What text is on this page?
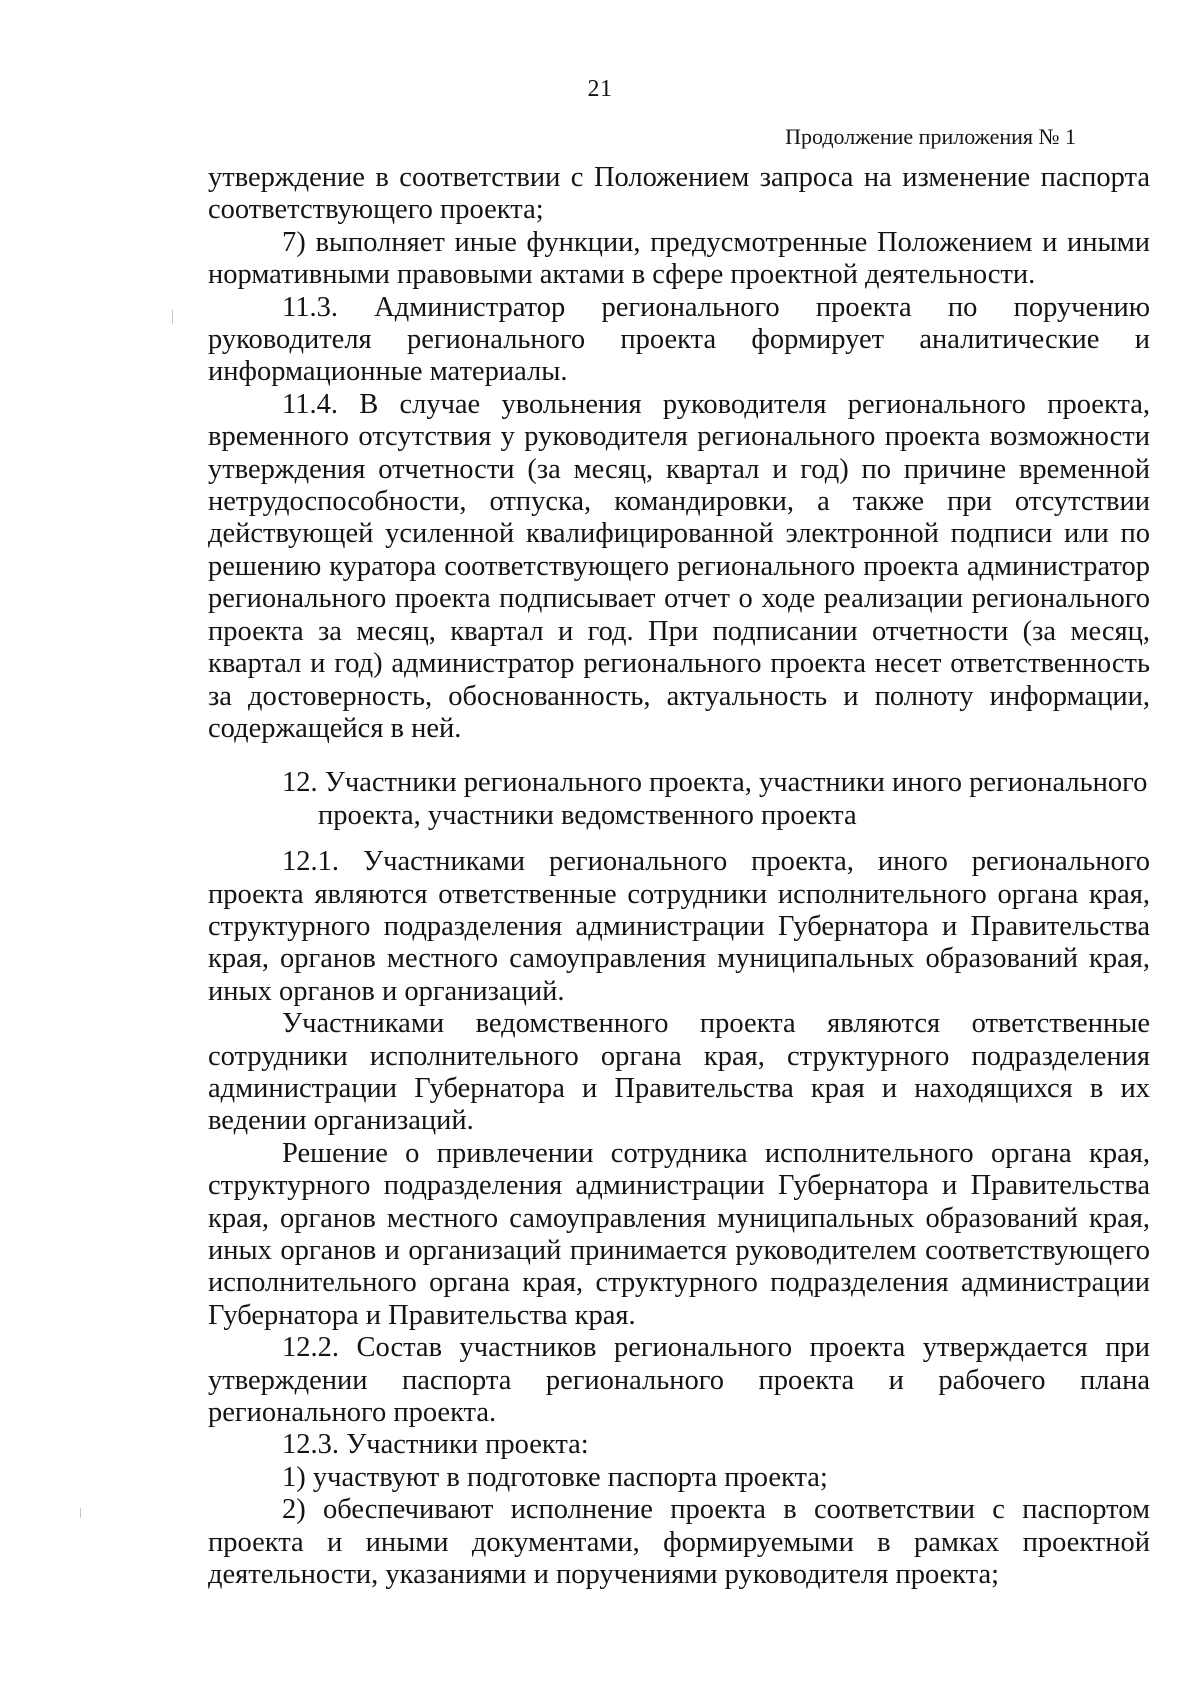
21
Продолжение приложения № 1

утверждение в соответствии с Положением запроса на изменение паспорта соответствующего проекта;

7) выполняет иные функции, предусмотренные Положением и иными нормативными правовыми актами в сфере проектной деятельности.

11.3. Администратор регионального проекта по поручению руководителя регионального проекта формирует аналитические и информационные материалы.

11.4. В случае увольнения руководителя регионального проекта, временного отсутствия у руководителя регионального проекта возможности утверждения отчетности (за месяц, квартал и год) по причине временной нетрудоспособности, отпуска, командировки, а также при отсутствии действующей усиленной квалифицированной электронной подписи или по решению куратора соответствующего регионального проекта администратор регионального проекта подписывает отчет о ходе реализации регионального проекта за месяц, квартал и год. При подписании отчетности (за месяц, квартал и год) администратор регионального проекта несет ответственность за достоверность, обоснованность, актуальность и полноту информации, содержащейся в ней.

12. Участники регионального проекта, участники иного регионального
проекта, участники ведомственного проекта

12.1. Участниками регионального проекта, иного регионального проекта являются ответственные сотрудники исполнительного органа края, структурного подразделения администрации Губернатора и Правительства края, органов местного самоуправления муниципальных образований края, иных органов и организаций.

Участниками ведомственного проекта являются ответственные сотрудники исполнительного органа края, структурного подразделения администрации Губернатора и Правительства края и находящихся в их ведении организаций.

Решение о привлечении сотрудника исполнительного органа края, структурного подразделения администрации Губернатора и Правительства края, органов местного самоуправления муниципальных образований края, иных органов и организаций принимается руководителем соответствующего исполнительного органа края, структурного подразделения администрации Губернатора и Правительства края.

12.2. Состав участников регионального проекта утверждается при утверждении паспорта регионального проекта и рабочего плана регионального проекта.

12.3. Участники проекта:

1) участвуют в подготовке паспорта проекта;

2) обеспечивают исполнение проекта в соответствии с паспортом проекта и иными документами, формируемыми в рамках проектной деятельности, указаниями и поручениями руководителя проекта;
